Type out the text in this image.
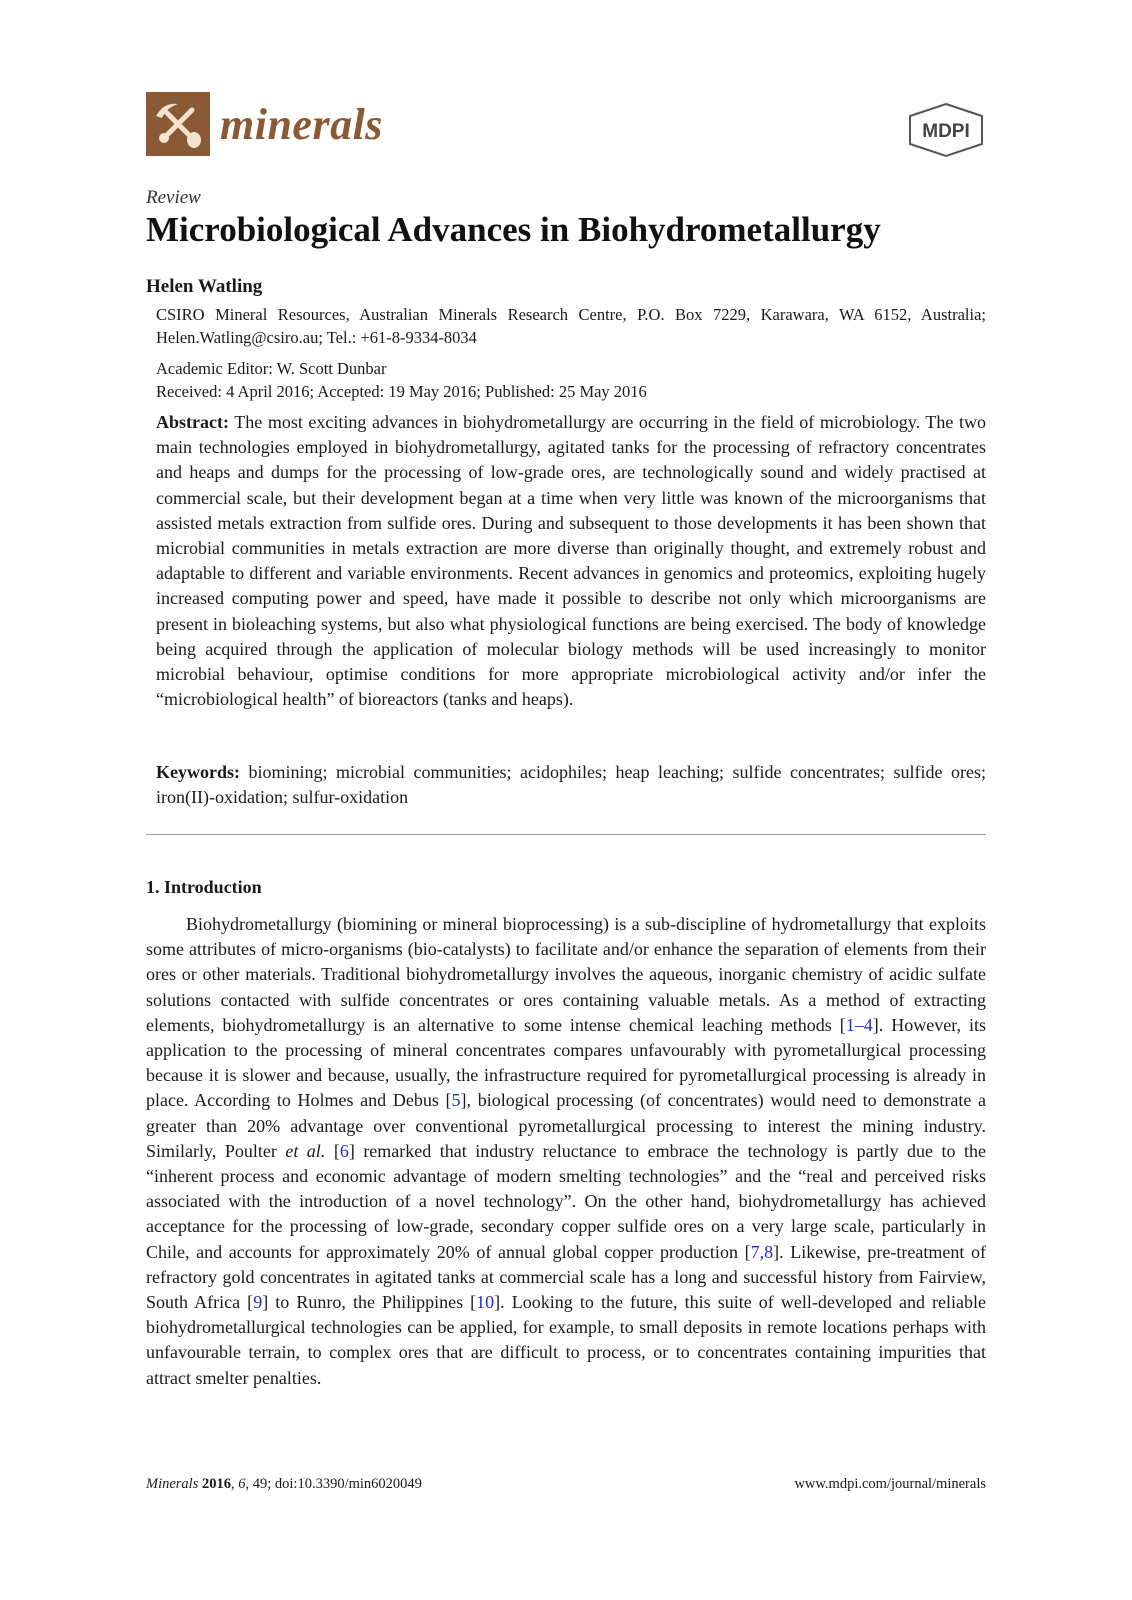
minerals	MDPI
Review
Microbiological Advances in Biohydrometallurgy
Helen Watling
CSIRO Mineral Resources, Australian Minerals Research Centre, P.O. Box 7229, Karawara, WA 6152, Australia; Helen.Watling@csiro.au; Tel.: +61-8-9334-8034
Academic Editor: W. Scott Dunbar
Received: 4 April 2016; Accepted: 19 May 2016; Published: 25 May 2016

Abstract: The most exciting advances in biohydrometallurgy are occurring in the field of microbiology. The two main technologies employed in biohydrometallurgy, agitated tanks for the processing of refractory concentrates and heaps and dumps for the processing of low-grade ores, are technologically sound and widely practised at commercial scale, but their development began at a time when very little was known of the microorganisms that assisted metals extraction from sulfide ores. During and subsequent to those developments it has been shown that microbial communities in metals extraction are more diverse than originally thought, and extremely robust and adaptable to different and variable environments. Recent advances in genomics and proteomics, exploiting hugely increased computing power and speed, have made it possible to describe not only which microorganisms are present in bioleaching systems, but also what physiological functions are being exercised. The body of knowledge being acquired through the application of molecular biology methods will be used increasingly to monitor microbial behaviour, optimise conditions for more appropriate microbiological activity and/or infer the “microbiological health” of bioreactors (tanks and heaps).

Keywords: biomining; microbial communities; acidophiles; heap leaching; sulfide concentrates; sulfide ores; iron(II)-oxidation; sulfur-oxidation

1. Introduction

Biohydrometallurgy (biomining or mineral bioprocessing) is a sub-discipline of hydrometallurgy that exploits some attributes of micro-organisms (bio-catalysts) to facilitate and/or enhance the separation of elements from their ores or other materials. Traditional biohydrometallurgy involves the aqueous, inorganic chemistry of acidic sulfate solutions contacted with sulfide concentrates or ores containing valuable metals. As a method of extracting elements, biohydrometallurgy is an alternative to some intense chemical leaching methods [1–4]. However, its application to the processing of mineral concentrates compares unfavourably with pyrometallurgical processing because it is slower and because, usually, the infrastructure required for pyrometallurgical processing is already in place. According to Holmes and Debus [5], biological processing (of concentrates) would need to demonstrate a greater than 20% advantage over conventional pyrometallurgical processing to interest the mining industry. Similarly, Poulter et al. [6] remarked that industry reluctance to embrace the technology is partly due to the “inherent process and economic advantage of modern smelting technologies” and the “real and perceived risks associated with the introduction of a novel technology”. On the other hand, biohydrometallurgy has achieved acceptance for the processing of low-grade, secondary copper sulfide ores on a very large scale, particularly in Chile, and accounts for approximately 20% of annual global copper production [7,8]. Likewise, pre-treatment of refractory gold concentrates in agitated tanks at commercial scale has a long and successful history from Fairview, South Africa [9] to Runro, the Philippines [10]. Looking to the future, this suite of well-developed and reliable biohydrometallurgical technologies can be applied, for example, to small deposits in remote locations perhaps with unfavourable terrain, to complex ores that are difficult to process, or to concentrates containing impurities that attract smelter penalties.

Minerals 2016, 6, 49; doi:10.3390/min6020049	www.mdpi.com/journal/minerals
